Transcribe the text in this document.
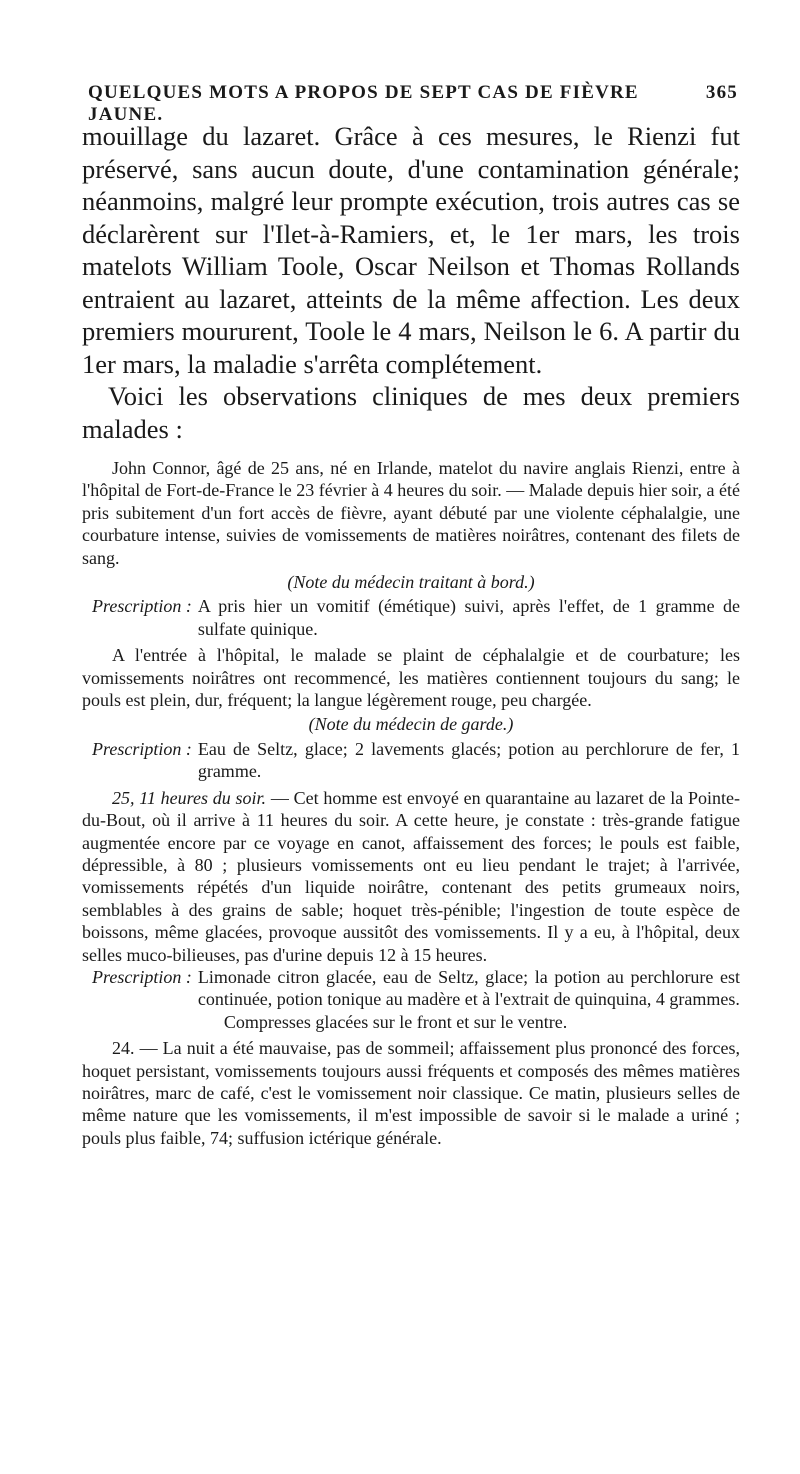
QUELQUES MOTS A PROPOS DE SEPT CAS DE FIÈVRE JAUNE.
365

mouillage du lazaret. Grâce à ces mesures, le Rienzi fut préservé, sans aucun doute, d'une contamination générale; néanmoins, malgré leur prompte exécution, trois autres cas se déclarèrent sur l'Ilet-à-Ramiers, et, le 1er mars, les trois matelots William Toole, Oscar Neilson et Thomas Rollands entraient au lazaret, atteints de la même affection. Les deux premiers moururent, Toole le 4 mars, Neilson le 6. A partir du 1er mars, la maladie s'arrêta complétement.

Voici les observations cliniques de mes deux premiers malades :

John Connor, âgé de 25 ans, né en Irlande, matelot du navire anglais Rienzi, entre à l'hôpital de Fort-de-France le 23 février à 4 heures du soir. — Malade depuis hier soir, a été pris subitement d'un fort accès de fièvre, ayant débuté par une violente céphalalgie, une courbature intense, suivies de vomissements de matières noirâtres, contenant des filets de sang.

(Note du médecin traitant à bord.)

Prescription : A pris hier un vomitif (émétique) suivi, après l'effet, de 1 gramme de sulfate quinique.

A l'entrée à l'hôpital, le malade se plaint de céphalalgie et de courbature; les vomissements noirâtres ont recommencé, les matières contiennent toujours du sang; le pouls est plein, dur, fréquent; la langue légèrement rouge, peu chargée.

(Note du médecin de garde.)

Prescription : Eau de Seltz, glace; 2 lavements glacés; potion au perchlorure de fer, 1 gramme.

25, 11 heures du soir. — Cet homme est envoyé en quarantaine au lazaret de la Pointe-du-Bout, où il arrive à 11 heures du soir. A cette heure, je constate : très-grande fatigue augmentée encore par ce voyage en canot, affaissement des forces; le pouls est faible, dépressible, à 80 ; plusieurs vomissements ont eu lieu pendant le trajet; à l'arrivée, vomissements répétés d'un liquide noirâtre, contenant des petits grumeaux noirs, semblables à des grains de sable; hoquet très-pénible; l'ingestion de toute espèce de boissons, même glacées, provoque aussitôt des vomissements. Il y a eu, à l'hôpital, deux selles muco-bilieuses, pas d'urine depuis 12 à 15 heures.

Prescription : Limonade citron glacée, eau de Seltz, glace; la potion au perchlorure est continuée, potion tonique au madère et à l'extrait de quinquina, 4 grammes.

Compresses glacées sur le front et sur le ventre.

24. — La nuit a été mauvaise, pas de sommeil; affaissement plus prononcé des forces, hoquet persistant, vomissements toujours aussi fréquents et composés des mêmes matières noirâtres, marc de café, c'est le vomissement noir classique. Ce matin, plusieurs selles de même nature que les vomissements, il m'est impossible de savoir si le malade a uriné ; pouls plus faible, 74; suffusion ictérique générale.
